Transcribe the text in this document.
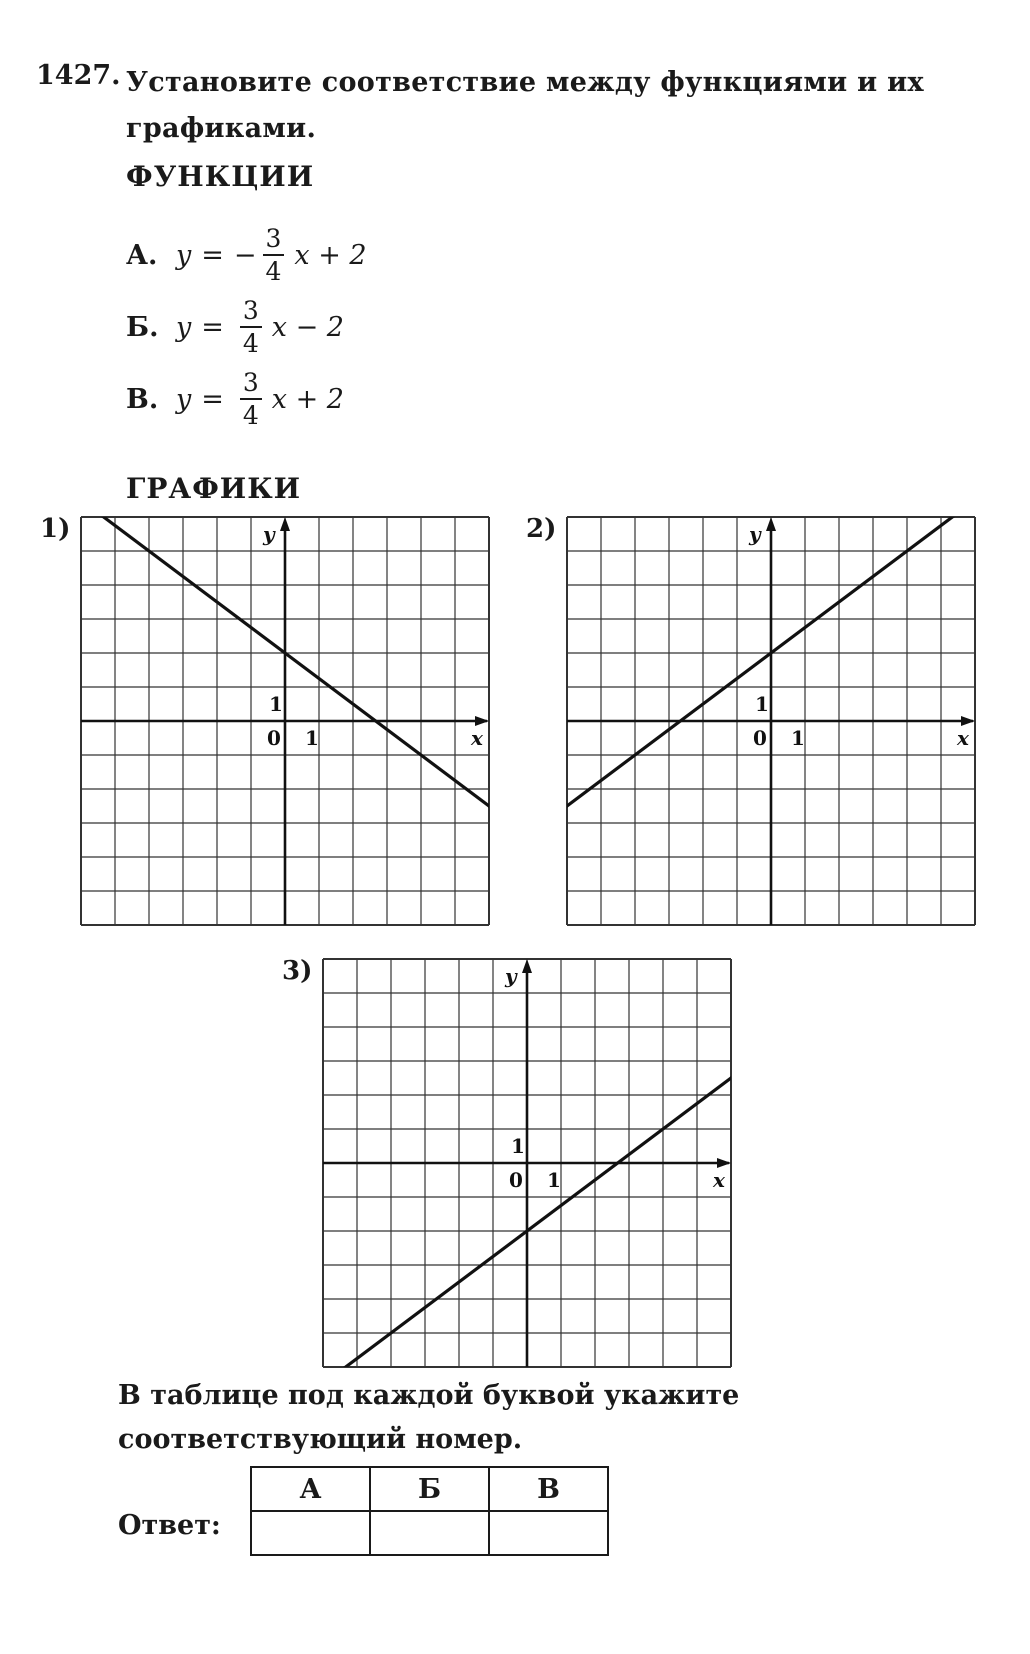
1427. Установите соответствие между функциями и их графиками.
ФУНКЦИИ
А. y = − $\frac{3}{4}$ x + 2
Б. $y = \frac{3}{4}$ x − 2
В. $y = \frac{3}{4}$ x + 2
ГРАФИКИ
1)	y
x
0 1
1
2)	y
x
0 1
1
3)	y
x
0 1
1
В таблице под каждой буквой укажите соответствующий номер.
Ответ:
А	Б	В
